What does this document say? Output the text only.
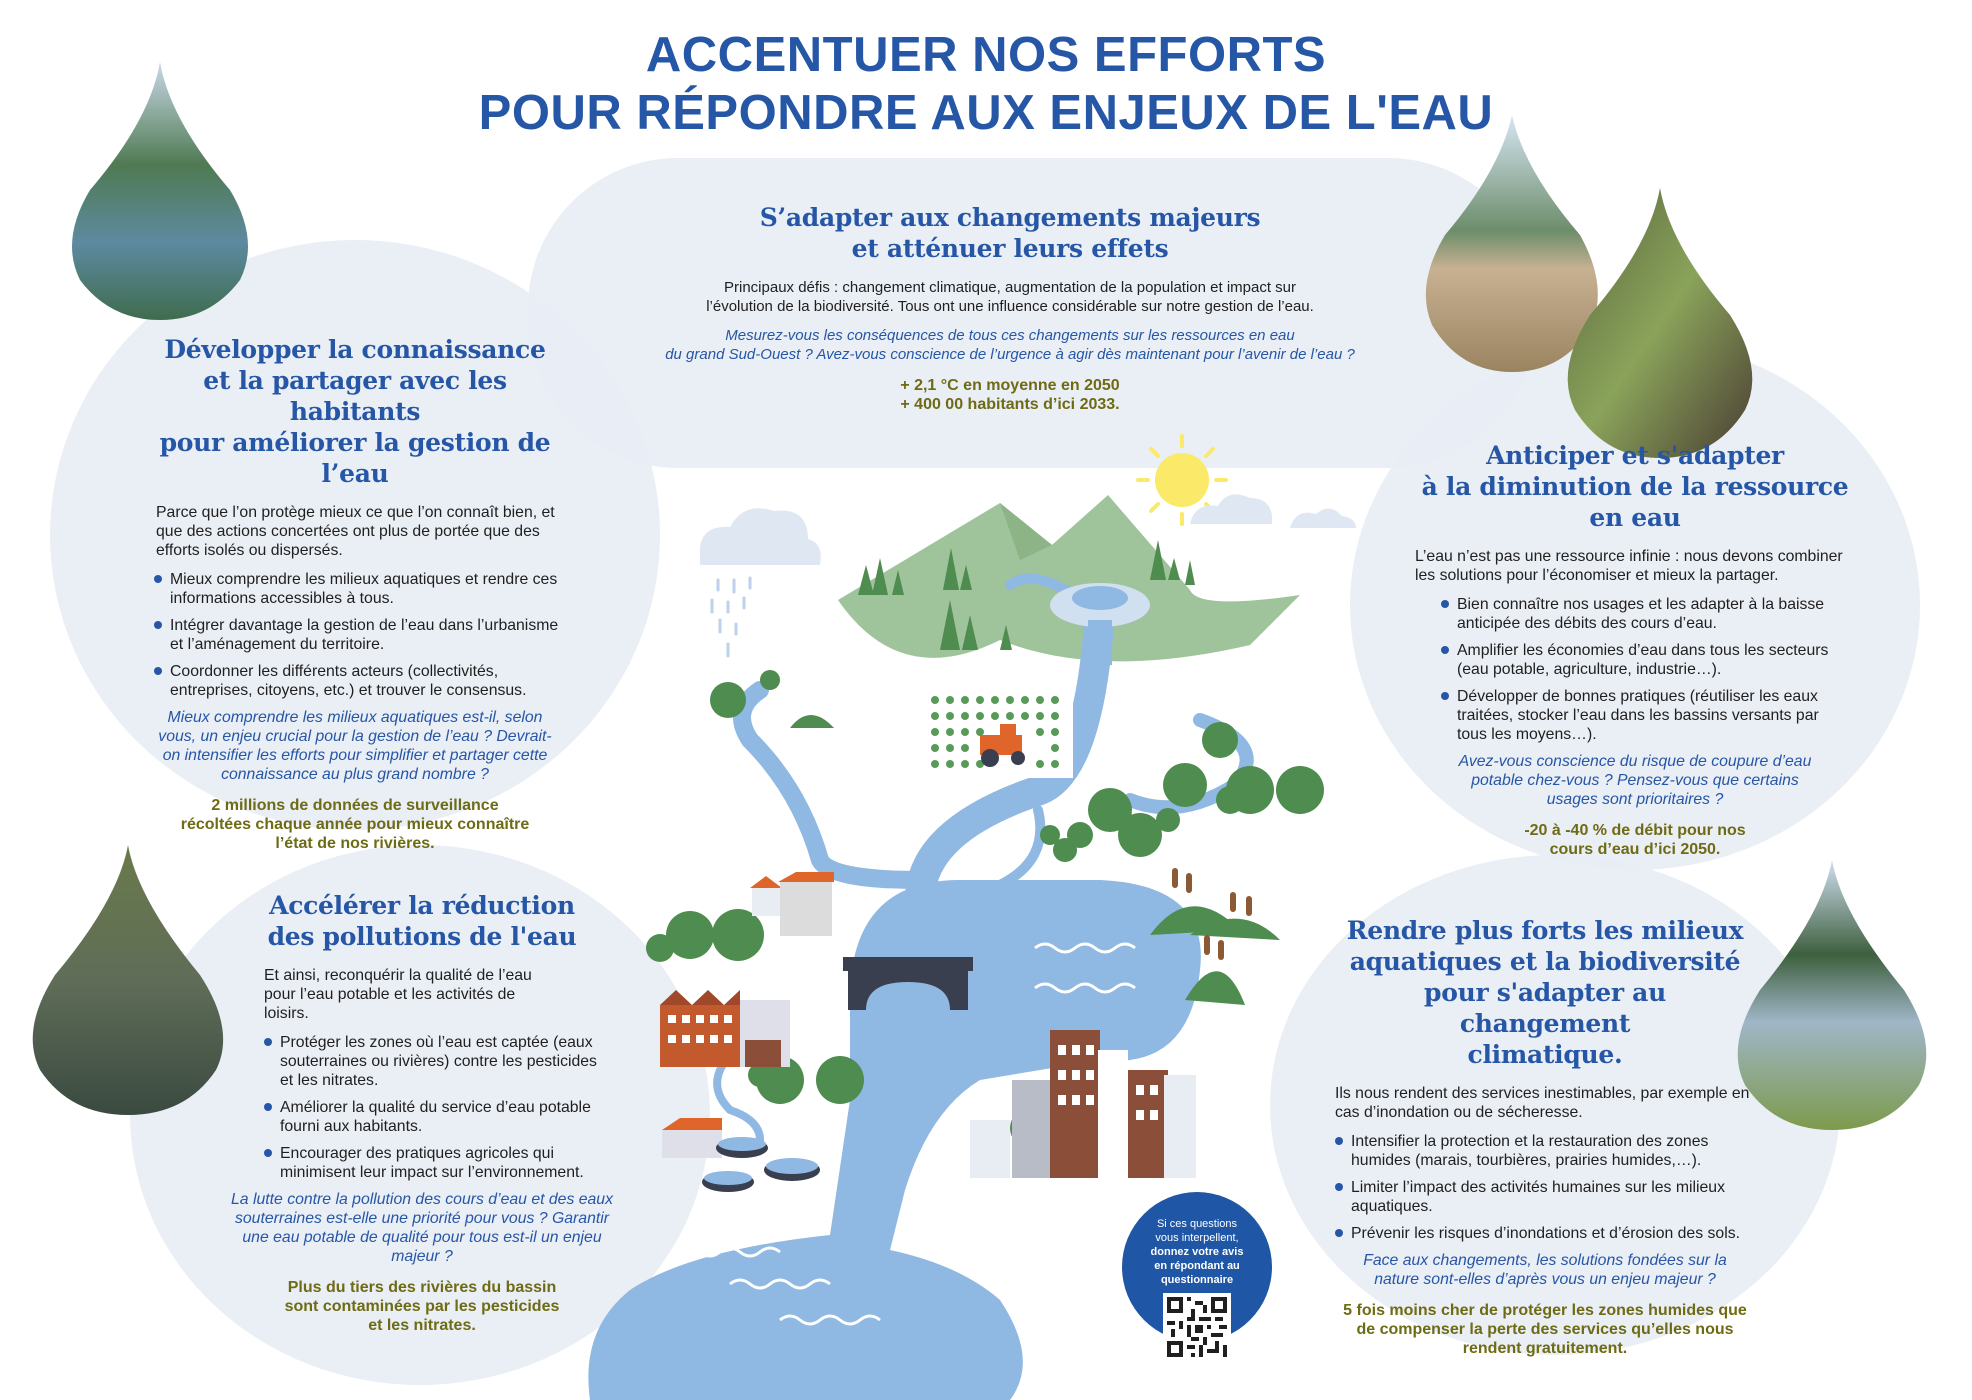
ACCENTUER NOS EFFORTS
POUR RÉPONDRE AUX ENJEUX DE L'EAU
S’adapter aux changements majeurs
et atténuer leurs effets

Principaux défis : changement climatique, augmentation de la population et impact sur
l’évolution de la biodiversité. Tous ont une influence considérable sur notre gestion de l’eau.

Mesurez-vous les conséquences de tous ces changements sur les ressources en eau
du grand Sud-Ouest ? Avez-vous conscience de l’urgence à agir dès maintenant pour l’avenir de l’eau ?

+ 2,1 °C en moyenne en 2050
+ 400 00 habitants d’ici 2033.

Développer la connaissance
et la partager avec les habitants
pour améliorer la gestion de l’eau

Parce que l’on protège mieux ce que l’on connaît bien, et que des actions concertées ont plus de portée que des efforts isolés ou dispersés.

Mieux comprendre les milieux aquatiques et rendre ces informations accessibles à tous.
Intégrer davantage la gestion de l’eau dans l’urbanisme et l’aménagement du territoire.
Coordonner les différents acteurs (collectivités, entreprises, citoyens, etc.) et trouver le consensus.

Mieux comprendre les milieux aquatiques est-il, selon vous, un enjeu crucial pour la gestion de l’eau ? Devrait-on intensifier les efforts pour simplifier et partager cette connaissance au plus grand nombre ?

2 millions de données de surveillance récoltées chaque année pour mieux connaître l’état de nos rivières.

Accélérer la réduction
des pollutions de l'eau

Et ainsi, reconquérir la qualité de l’eau pour l’eau potable et les activités de loisirs.

Protéger les zones où l’eau est captée (eaux souterraines ou rivières) contre les pesticides et les nitrates.
Améliorer la qualité du service d’eau potable fourni aux habitants.
Encourager des pratiques agricoles qui minimisent leur impact sur l’environnement.

La lutte contre la pollution des cours d’eau et des eaux souterraines est-elle une priorité pour vous ? Garantir une eau potable de qualité pour tous est-il un enjeu majeur ?

Plus du tiers des rivières du bassin sont contaminées par les pesticides et les nitrates.

Anticiper et s'adapter
à la diminution de la ressource en eau

L’eau n’est pas une ressource infinie : nous devons combiner les solutions pour l’économiser et mieux la partager.

Bien connaître nos usages et les adapter à la baisse anticipée des débits des cours d’eau.
Amplifier les économies d’eau dans tous les secteurs (eau potable, agriculture, industrie…).
Développer de bonnes pratiques (réutiliser les eaux traitées, stocker l’eau dans les bassins versants par tous les moyens…).

Avez-vous conscience du risque de coupure d’eau potable chez-vous ? Pensez-vous que certains usages sont prioritaires ?

-20 à -40 % de débit pour nos cours d’eau d’ici 2050.

Rendre plus forts les milieux
aquatiques et la biodiversité
pour s'adapter au changement
climatique.

Ils nous rendent des services inestimables, par exemple en cas d’inondation ou de sécheresse.

Intensifier la protection et la restauration des zones humides (marais, tourbières, prairies humides,…).
Limiter l’impact des activités humaines sur les milieux aquatiques.
Prévenir les risques d’inondations et d’érosion des sols.

Face aux changements, les solutions fondées sur la nature sont-elles d’après vous un enjeu majeur ?

5 fois moins cher de protéger les zones humides que de compenser la perte des services qu’elles nous rendent gratuitement.

Si ces questions
vous interpellent,
donnez votre avis
en répondant au
questionnaire
